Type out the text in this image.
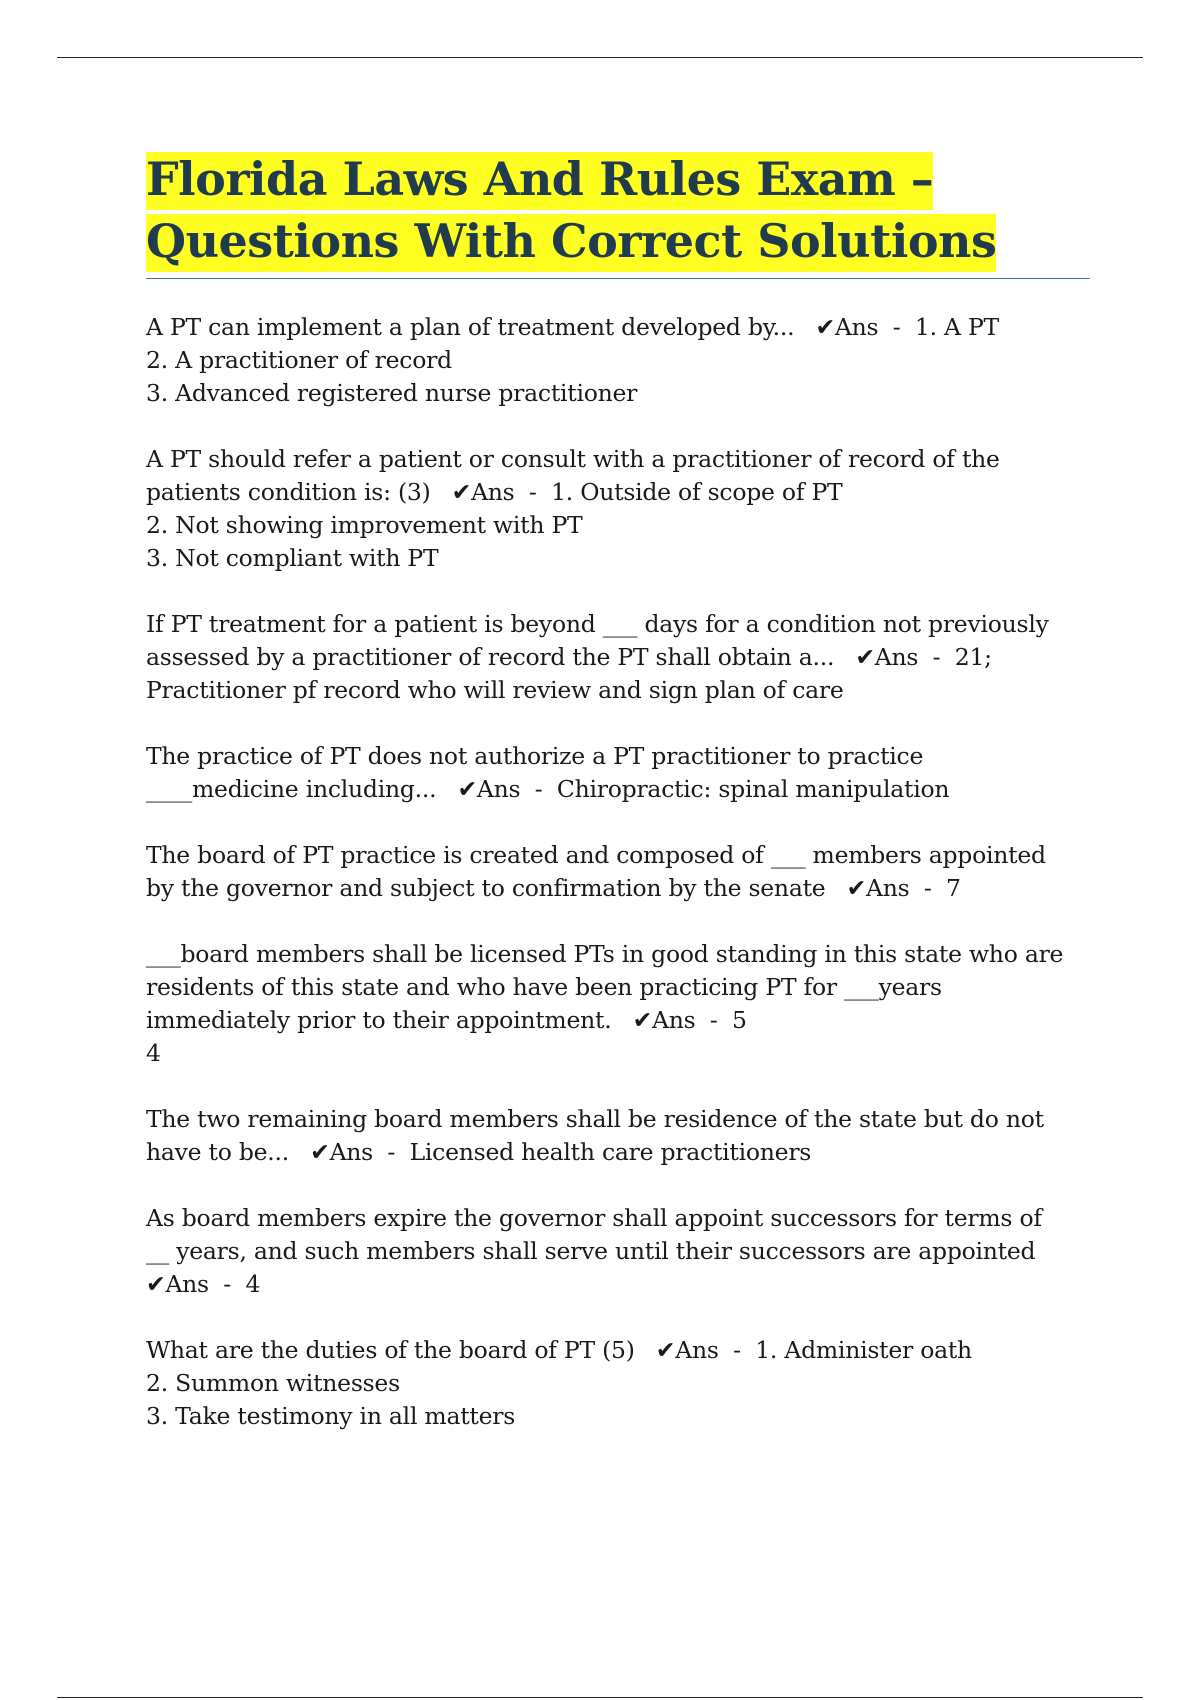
Florida Laws And Rules Exam –
Questions With Correct Solutions
A PT can implement a plan of treatment developed by... ✔Ans  -  1. A PT
2. A practitioner of record
3. Advanced registered nurse practitioner
A PT should refer a patient or consult with a practitioner of record of the
patients condition is: (3) ✔Ans  -  1. Outside of scope of PT
2. Not showing improvement with PT
3. Not compliant with PT
If PT treatment for a patient is beyond ___ days for a condition not previously
assessed by a practitioner of record the PT shall obtain a... ✔Ans  -  21;
Practitioner pf record who will review and sign plan of care
The practice of PT does not authorize a PT practitioner to practice
____medicine including... ✔Ans  -  Chiropractic: spinal manipulation
The board of PT practice is created and composed of ___ members appointed
by the governor and subject to confirmation by the senate ✔Ans  -  7
___board members shall be licensed PTs in good standing in this state who are
residents of this state and who have been practicing PT for ___years
immediately prior to their appointment. ✔Ans  -  5
4
The two remaining board members shall be residence of the state but do not
have to be... ✔Ans  -  Licensed health care practitioners
As board members expire the governor shall appoint successors for terms of
__ years, and such members shall serve until their successors are appointed
✔Ans  -  4
What are the duties of the board of PT (5) ✔Ans  -  1. Administer oath
2. Summon witnesses
3. Take testimony in all matters
